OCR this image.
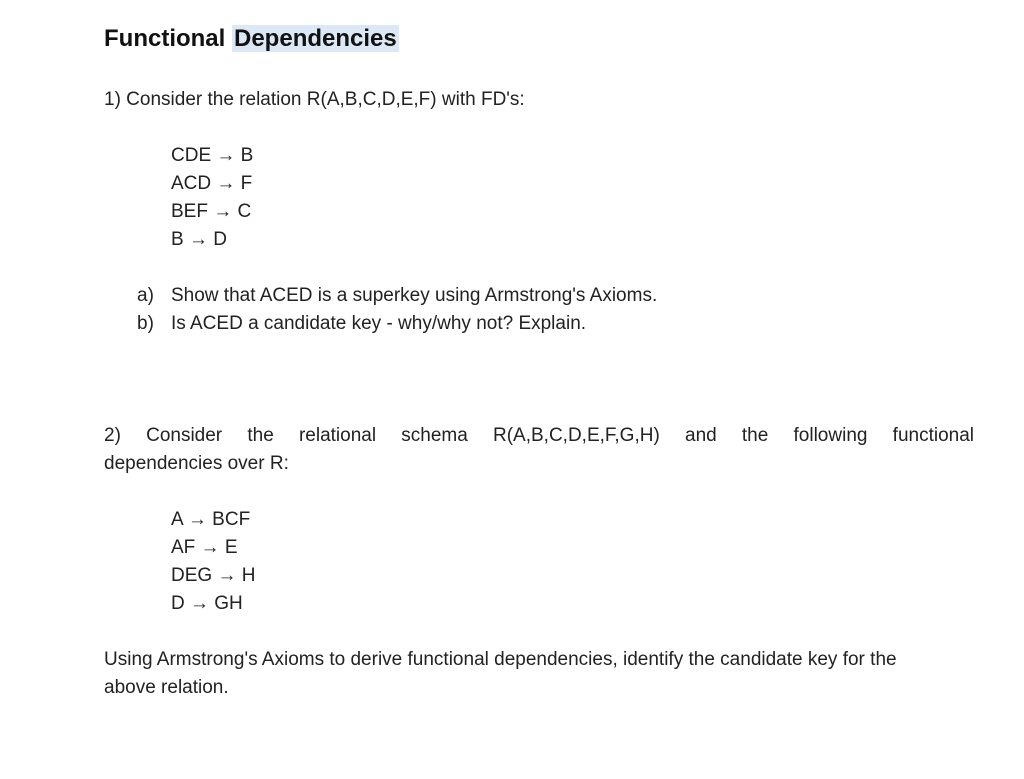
Functional Dependencies

1) Consider the relation R(A,B,C,D,E,F) with FD's:

CDE → B
ACD → F
BEF → C
B → D
a) Show that ACED is a superkey using Armstrong's Axioms.
b) Is ACED a candidate key - why/why not? Explain.

2) Consider the relational schema R(A,B,C,D,E,F,G,H) and the following functional
dependencies over R:

A → BCF
AF → E
DEG → H
D → GH

Using Armstrong's Axioms to derive functional dependencies, identify the candidate key for the
above relation.
